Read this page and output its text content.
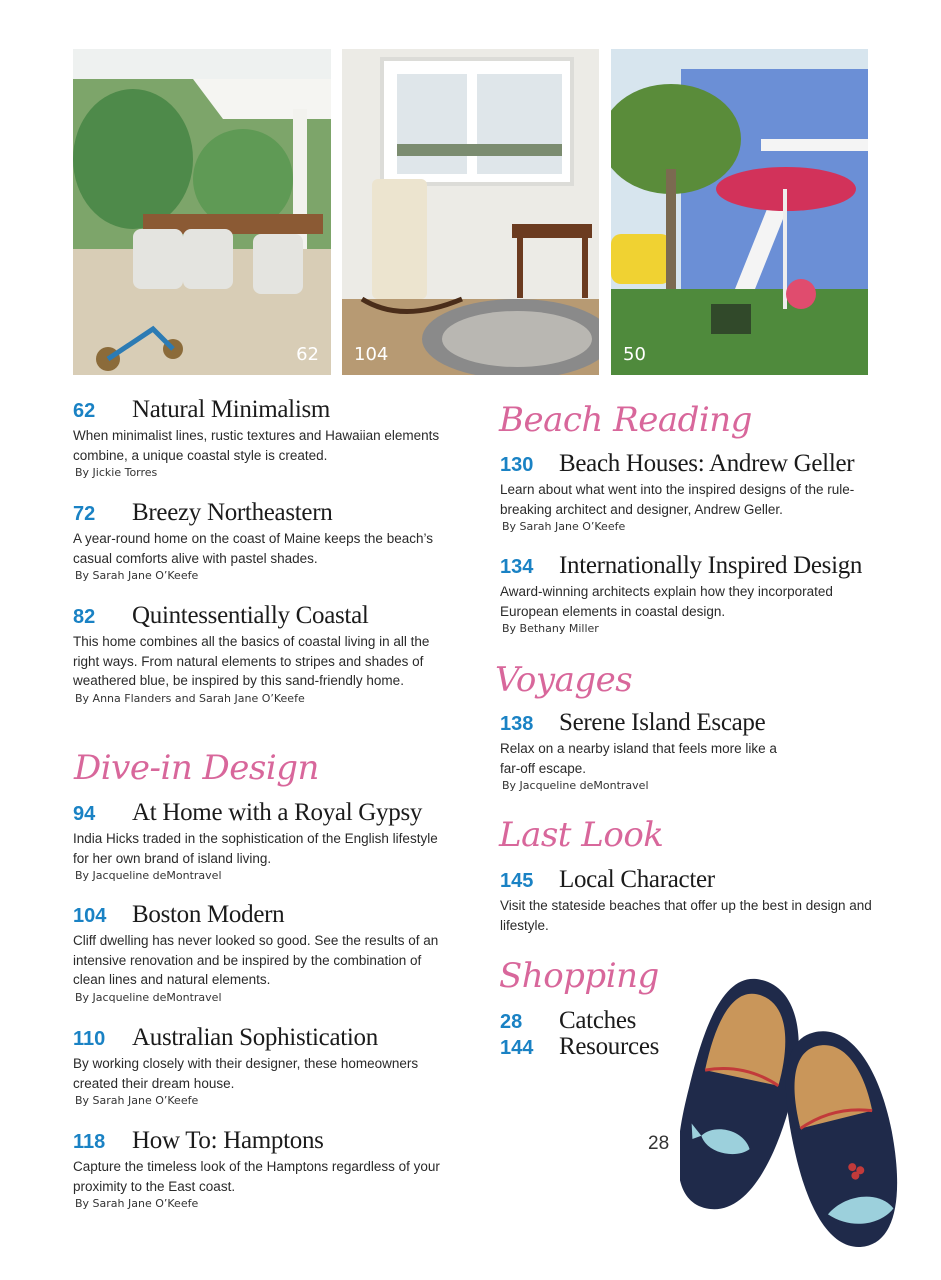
62 104	50
62	Natural Minimalism
When minimalist lines, rustic textures and Hawaiian elements combine, a unique coastal style is created.
By Jickie Torres
72	Breezy Northeastern
A year-round home on the coast of Maine keeps the beach’s casual comforts alive with pastel shades.
By Sarah Jane O’Keefe
82	Quintessentially Coastal
This home combines all the basics of coastal living in all the right ways. From natural elements to stripes and shades of weathered blue, be inspired by this sand-friendly home.
By Anna Flanders and Sarah Jane O’Keefe
Dive-in Design
94	At Home with a Royal Gypsy
India Hicks traded in the sophistication of the English lifestyle for her own brand of island living.
By Jacqueline deMontravel
104	Boston Modern
Cliff dwelling has never looked so good. See the results of an intensive renovation and be inspired by the combination of clean lines and natural elements.
By Jacqueline deMontravel
110	Australian Sophistication
By working closely with their designer, these homeowners created their dream house.
By Sarah Jane O’Keefe
118	How To: Hamptons
Capture the timeless look of the Hamptons regardless of your proximity to the East coast.
By Sarah Jane O’Keefe
Beach Reading
130	Beach Houses: Andrew Geller
Learn about what went into the inspired designs of the rule-breaking architect and designer, Andrew Geller.
By Sarah Jane O’Keefe
134	Internationally Inspired Design
Award-winning architects explain how they incorporated European elements in coastal design.
By Bethany Miller
Voyages
138	Serene Island Escape
Relax on a nearby island that feels more like a far-off escape.
By Jacqueline deMontravel
Last Look
145	Local Character
Visit the stateside beaches that offer up the best in design and lifestyle.
Shopping
28	Catches
144	Resources
28
